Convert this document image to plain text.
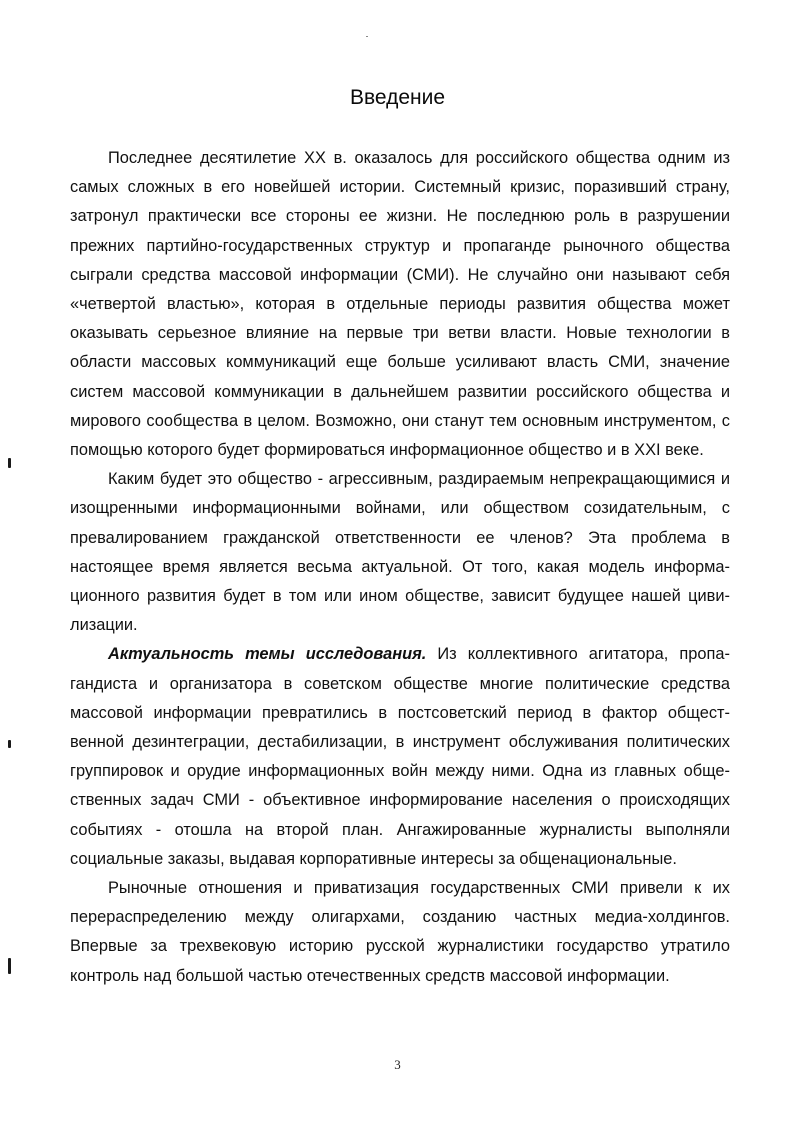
Введение

Последнее десятилетие XX в. оказалось для российского общества одним из самых сложных в его новейшей истории. Системный кризис, поразивший страну, затронул практически все стороны ее жизни. Не последнюю роль в разрушении прежних партийно-государственных структур и пропаганде рыночного общества сыграли средства массовой информации (СМИ). Не случайно они называют себя «четвертой властью», которая в отдельные периоды развития общества может оказывать серьезное влияние на первые три ветви власти. Новые технологии в области массовых коммуникаций еще больше усиливают власть СМИ, значение систем массовой коммуникации в дальнейшем развитии российского общества и мирового сообщества в целом. Возможно, они станут тем основным инструментом, с помощью которого будет формироваться информационное общество и в XXI веке.

Каким будет это общество - агрессивным, раздираемым непрекращающимися и изощренными информационными войнами, или обществом созидательным, с превалированием гражданской ответственности ее членов? Эта проблема в настоящее время является весьма актуальной. От того, какая модель информационного развития будет в том или ином обществе, зависит будущее нашей цивилизации.

Актуальность темы исследования. Из коллективного агитатора, пропагандиста и организатора в советском обществе многие политические средства массовой информации превратились в постсоветский период в фактор общественной дезинтеграции, дестабилизации, в инструмент обслуживания политических группировок и орудие информационных войн между ними. Одна из главных общественных задач СМИ - объективное информирование населения о происходящих событиях - отошла на второй план. Ангажированные журналисты выполняли социальные заказы, выдавая корпоративные интересы за общенациональные.

Рыночные отношения и приватизация государственных СМИ привели к их перераспределению между олигархами, созданию частных медиа-холдингов. Впервые за трехвековую историю русской журналистики государство утратило контроль над большой частью отечественных средств массовой информации.

3
